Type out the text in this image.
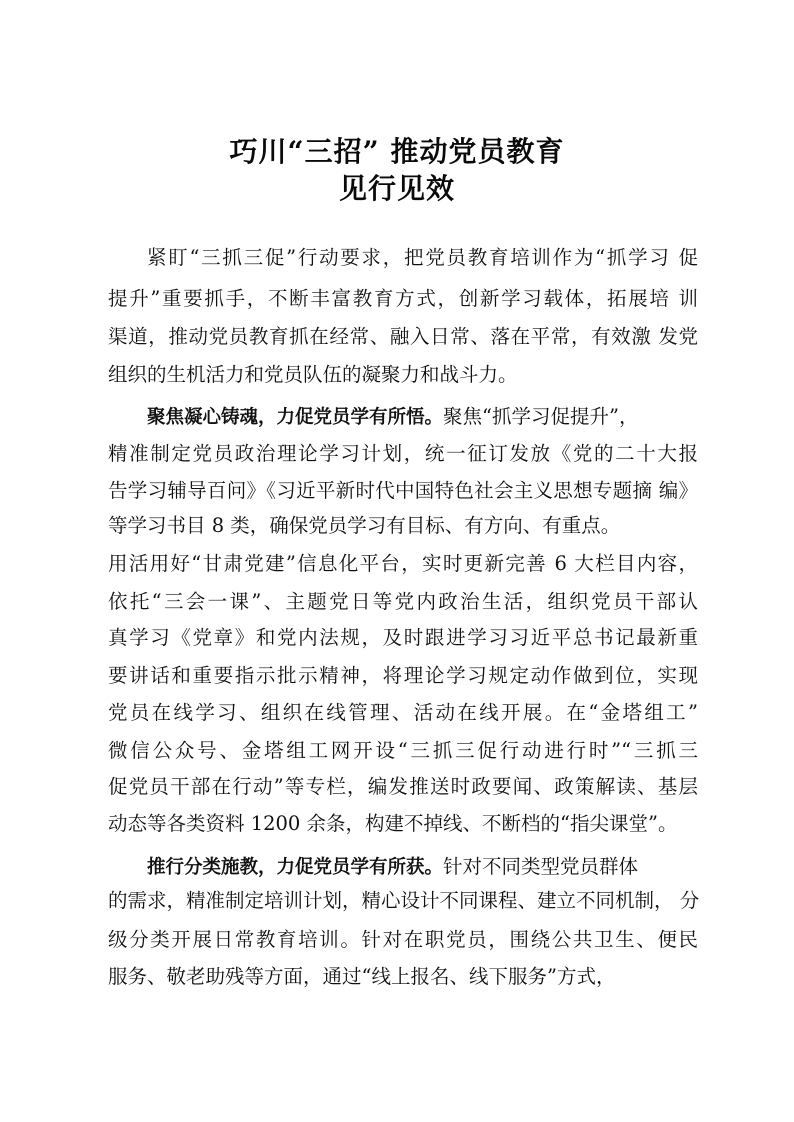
巧川“三招” 推动党员教育
见行见效

紧盯“三抓三促”行动要求，把党员教育培训作为“抓学习 促

提升”重要抓手，不断丰富教育方式，创新学习载体，拓展培 训

渠道，推动党员教育抓在经常、融入日常、落在平常，有效激 发党

组织的生机活力和党员队伍的凝聚力和战斗力。

聚焦凝心铸魂，力促党员学有所悟。聚焦“抓学习促提升”，

精准制定党员政治理论学习计划，统一征订发放《党的二十大报

告学习辅导百问》《习近平新时代中国特色社会主义思想专题摘 编》

等学习书目 8 类，确保党员学习有目标、有方向、有重点。

用活用好“甘肃党建”信息化平台，实时更新完善 6 大栏目内容，

依托“三会一课”、主题党日等党内政治生活，组织党员干部认

真学习《党章》和党内法规，及时跟进学习习近平总书记最新重

要讲话和重要指示批示精神，将理论学习规定动作做到位，实现

党员在线学习、组织在线管理、活动在线开展。在“金塔组工”

微信公众号、金塔组工网开设“三抓三促行动进行时”“三抓三

促党员干部在行动”等专栏，编发推送时政要闻、政策解读、基层

动态等各类资料 1200 余条，构建不掉线、不断档的“指尖课堂”。

推行分类施教，力促党员学有所获。针对不同类型党员群体

的需求，精准制定培训计划，精心设计不同课程、建立不同机制， 分

级分类开展日常教育培训。针对在职党员，围绕公共卫生、便民

服务、敬老助残等方面，通过“线上报名、线下服务”方式，
